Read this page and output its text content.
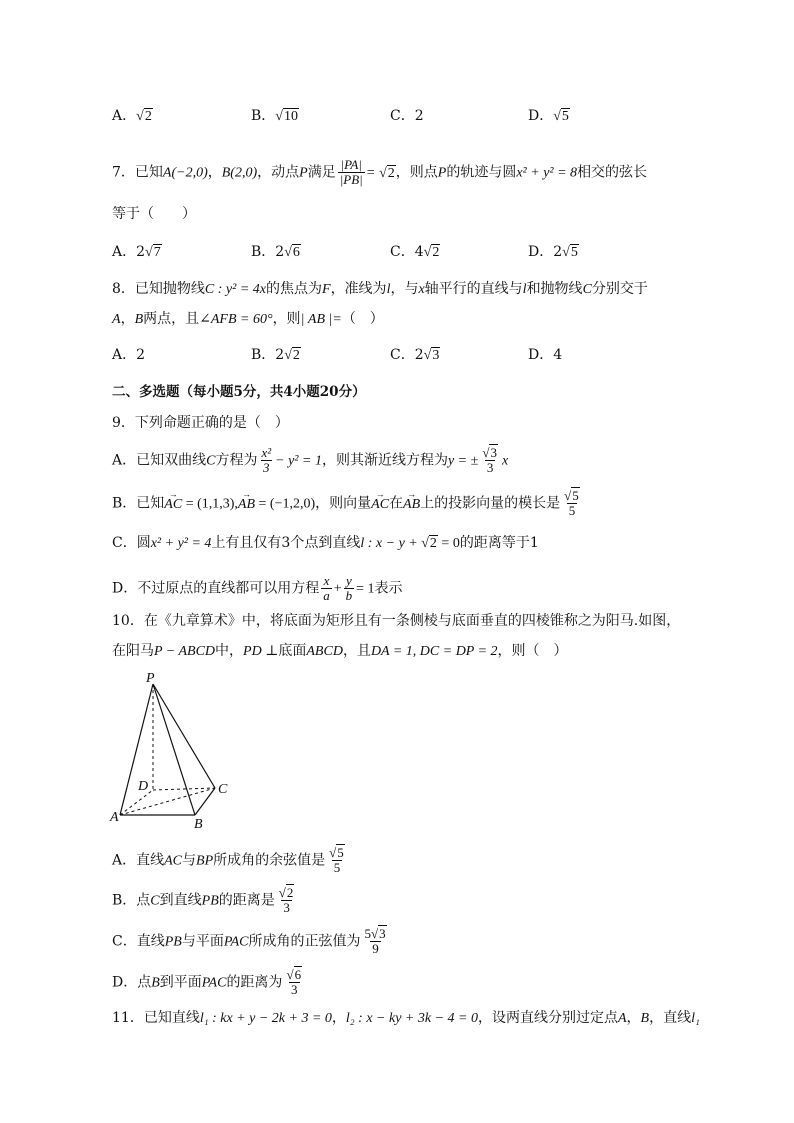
A．√2	B．√10	C．2	D．√5
7．已知A(−2,0)，B(2,0)，动点P满足 $\frac{|PA|}{|PB|} = √2$，则点P的轨迹与圆x² + y² = 8相交的弦长
等于（　　）
A．2√7	B．2√6	C．4√2	D．2√5
8．已知抛物线C : y² = 4x的焦点为F，准线为l，与x轴平行的直线与l和抛物线C分别交于
A，B两点，且∠AFB = 60°，则| AB |=（　）
A．2	B．2√2	C．2√3	D．4
二、多选题（每小题5分，共4小题20分）
9．下列命题正确的是（　）
A．已知双曲线C方程为 $\frac{\text{x²}}{3} - y^2 = 1$，则其渐近线方程为y = ± $\frac{√3}{3}$ x
B．已知→ AC = (1,1,3),→ AB = (−1,2,0)，则向量→ AC在→ AB上的投影向量的模长是 $\frac{√5}{5}$
C．圆x² + y² = 4上有且仅有3个点到直线l : x − y + √2 = 0的距离等于1
D．不过原点的直线都可以用方程 $\frac{x}{a} + \frac{y}{b} = 1$表示
10．在《九章算术》中，将底面为矩形且有一条侧棱与底面垂直的四棱锥称之为阳马.如图，
在阳马P − ABCD中，PD ⊥底面ABCD，且DA = 1, DC = DP = 2，则（　）
P
D	C
A	B
A．直线AC与BP所成角的余弦值是 $\frac{√5}{5}$
B．点C到直线PB的距离是 $\frac{√2}{3}$
C．直线PB与平面PAC所成角的正弦值为 $\frac{5√3}{9}$
D．点B到平面PAC的距离为 $\frac{√6}{3}$
11．已知直线l₁ : kx + y − 2k + 3 = 0，l₂ : x − ky + 3k − 4 = 0，设两直线分别过定点A，B，直线l₁
